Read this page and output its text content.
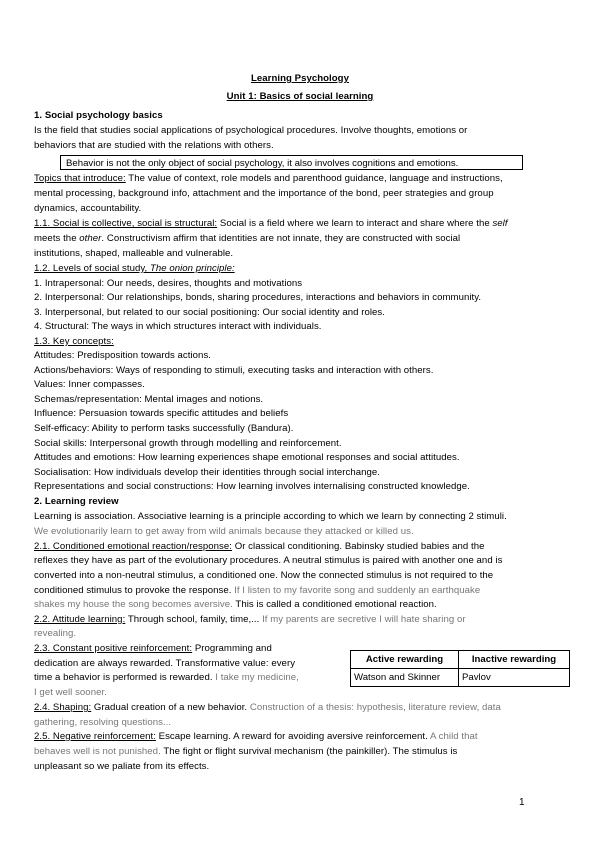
Learning Psychology
Unit 1: Basics of social learning
1. Social psychology basics
Is the field that studies social applications of psychological procedures. Involve thoughts, emotions or
behaviors that are studied with the relations with others.
Behavior is not the only object of social psychology, it also involves cognitions and emotions.
Topics that introduce: The value of context, role models and parenthood guidance, language and instructions,
mental processing, background info, attachment and the importance of the bond, peer strategies and group
dynamics, accountability.
1.1. Social is collective, social is structural: Social is a field where we learn to interact and share where the self
meets the other. Constructivism affirm that identities are not innate, they are constructed with social
institutions, shaped, malleable and vulnerable.
1.2. Levels of social study, The onion principle:
1. Intrapersonal: Our needs, desires, thoughts and motivations
2. Interpersonal: Our relationships, bonds, sharing procedures, interactions and behaviors in community.
3. Interpersonal, but related to our social positioning: Our social identity and roles.
4. Structural: The ways in which structures interact with individuals.
1.3. Key concepts:
Attitudes: Predisposition towards actions.
Actions/behaviors: Ways of responding to stimuli, executing tasks and interaction with others.
Values: Inner compasses.
Schemas/representation: Mental images and notions.
Influence: Persuasion towards specific attitudes and beliefs
Self-efficacy: Ability to perform tasks successfully (Bandura).
Social skills: Interpersonal growth through modelling and reinforcement.
Attitudes and emotions: How learning experiences shape emotional responses and social attitudes.
Socialisation: How individuals develop their identities through social interchange.
Representations and social constructions: How learning involves internalising constructed knowledge.
2. Learning review
Learning is association. Associative learning is a principle according to which we learn by connecting 2 stimuli.
We evolutionarily learn to get away from wild animals because they attacked or killed us.
2.1. Conditioned emotional reaction/response: Or classical conditioning. Babinsky studied babies and the
reflexes they have as part of the evolutionary procedures. A neutral stimulus is paired with another one and is
converted into a non-neutral stimulus, a conditioned one. Now the connected stimulus is not required to the
conditioned stimulus to provoke the response. If I listen to my favorite song and suddenly an earthquake
shakes my house the song becomes aversive. This is called a conditioned emotional reaction.
2.2. Attitude learning: Through school, family, time,... If my parents are secretive I will hate sharing or
revealing.
2.3. Constant positive reinforcement: Programming and
dedication are always rewarded. Transformative value: every
time a behavior is performed is rewarded. I take my medicine,
I get well sooner.
Active rewarding	Inactive rewarding
Watson and Skinner	Pavlov
2.4. Shaping: Gradual creation of a new behavior. Construction of a thesis: hypothesis, literature review, data
gathering, resolving questions...
2.5. Negative reinforcement: Escape learning. A reward for avoiding aversive reinforcement. A child that
behaves well is not punished. The fight or flight survival mechanism (the painkiller). The stimulus is
unpleasant so we paliate from its effects.
1
